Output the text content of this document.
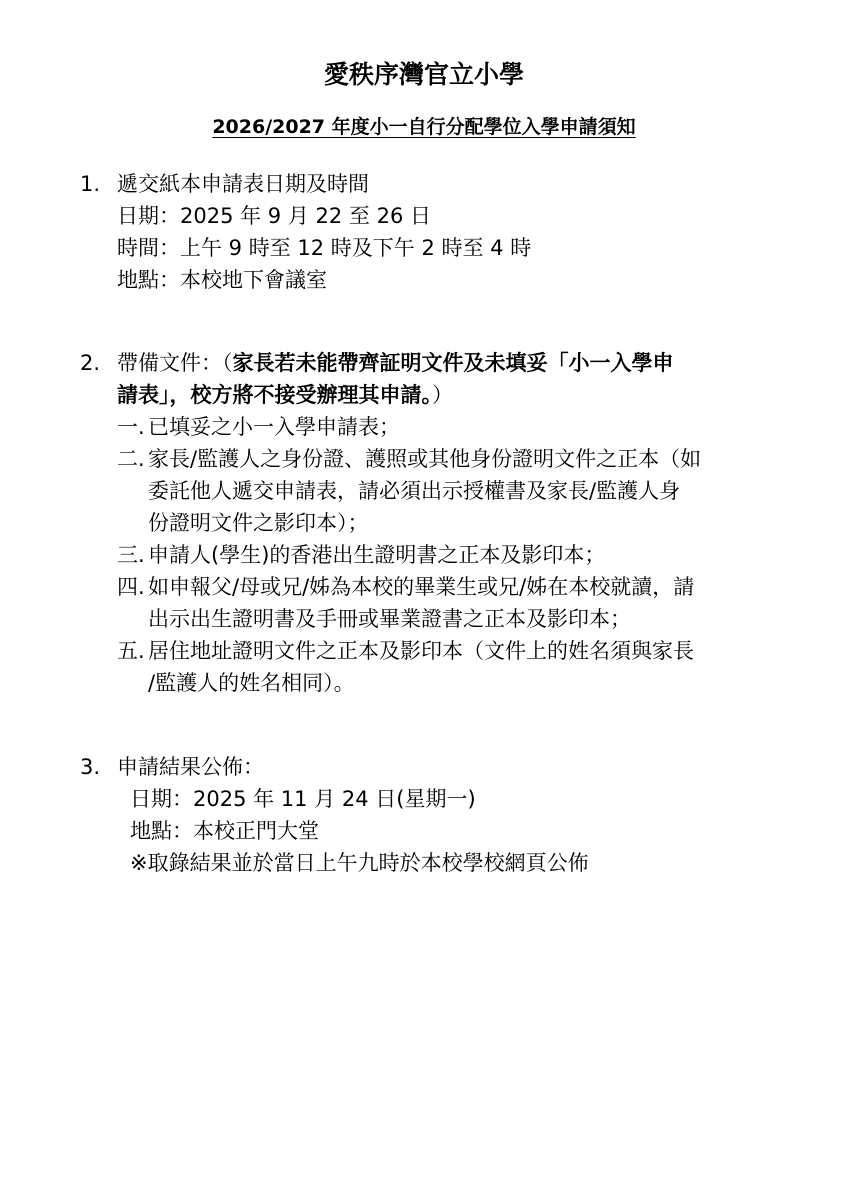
愛秩序灣官立小學
2026/2027 年度小一自行分配學位入學申請須知
1. 遞交紙本申請表日期及時間
日期：2025 年 9 月 22 至 26 日
時間：上午 9 時至 12 時及下午 2 時至 4 時
地點：本校地下會議室
2. 帶備文件：（家長若未能帶齊証明文件及未填妥「小一入學申
請表」，校方將不接受辦理其申請。）
一. 已填妥之小一入學申請表；
二. 家長/監護人之身份證、護照或其他身份證明文件之正本（如
委託他人遞交申請表，請必須出示授權書及家長/監護人身
份證明文件之影印本）；
三. 申請人(學生)的香港出生證明書之正本及影印本；
四. 如申報父/母或兄/姊為本校的畢業生或兄/姊在本校就讀，請
出示出生證明書及手冊或畢業證書之正本及影印本；
五. 居住地址證明文件之正本及影印本（文件上的姓名須與家長
/監護人的姓名相同）。
3. 申請結果公佈：
日期：2025 年 11 月 24 日(星期一)
地點：本校正門大堂
※取錄結果並於當日上午九時於本校學校網頁公佈
